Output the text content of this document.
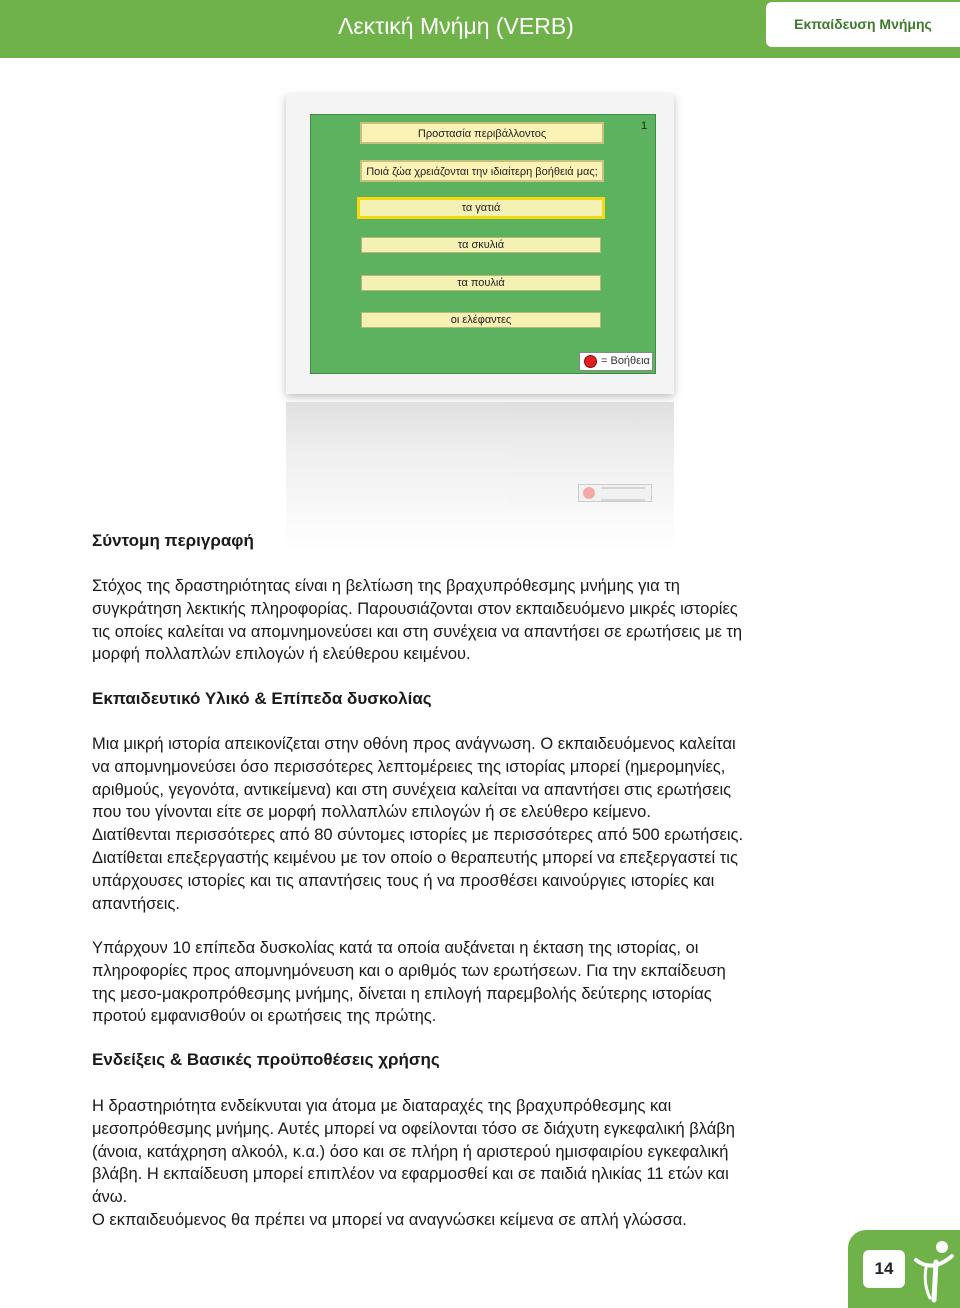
Λεκτική Μνήμη (VERB)	Εκπαίδευση Μνήμης
Προστασία περιβάλλοντος
1
Ποιά ζώα χρειάζονται την ιδιαίτερη βοήθειά μας;
τα γατιά
τα σκυλιά
τα πουλιά
οι ελέφαντες
= Βοήθεια
Σύντομη περιγραφή
Στόχος της δραστηριότητας είναι η βελτίωση της βραχυπρόθεσμης μνήμης για τη
συγκράτηση λεκτικής πληροφορίας. Παρουσιάζονται στον εκπαιδευόμενο μικρές ιστορίες
τις οποίες καλείται να απομνημονεύσει και στη συνέχεια να απαντήσει σε ερωτήσεις με τη
μορφή πολλαπλών επιλογών ή ελεύθερου κειμένου.
Εκπαιδευτικό Υλικό & Επίπεδα δυσκολίας
Μια μικρή ιστορία απεικονίζεται στην οθόνη προς ανάγνωση. Ο εκπαιδευόμενος καλείται
να απομνημονεύσει όσο περισσότερες λεπτομέρειες της ιστορίας μπορεί (ημερομηνίες,
αριθμούς, γεγονότα, αντικείμενα) και στη συνέχεια καλείται να απαντήσει στις ερωτήσεις
που του γίνονται είτε σε μορφή πολλαπλών επιλογών ή σε ελεύθερο κείμενο.
Διατίθενται περισσότερες από 80 σύντομες ιστορίες με περισσότερες από 500 ερωτήσεις.
Διατίθεται επεξεργαστής κειμένου με τον οποίο ο θεραπευτής μπορεί να επεξεργαστεί τις
υπάρχουσες ιστορίες και τις απαντήσεις τους ή να προσθέσει καινούργιες ιστορίες και
απαντήσεις.
Υπάρχουν 10 επίπεδα δυσκολίας κατά τα οποία αυξάνεται η έκταση της ιστορίας, οι
πληροφορίες προς απομνημόνευση και ο αριθμός των ερωτήσεων. Για την εκπαίδευση
της μεσο-μακροπρόθεσμης μνήμης, δίνεται η επιλογή παρεμβολής δεύτερης ιστορίας
προτού εμφανισθούν οι ερωτήσεις της πρώτης.
Ενδείξεις & Βασικές προϋποθέσεις χρήσης
Η δραστηριότητα ενδείκνυται για άτομα με διαταραχές της βραχυπρόθεσμης και
μεσοπρόθεσμης μνήμης. Αυτές μπορεί να οφείλονται τόσο σε διάχυτη εγκεφαλική βλάβη
(άνοια, κατάχρηση αλκοόλ, κ.α.) όσο και σε πλήρη ή αριστερού ημισφαιρίου εγκεφαλική
βλάβη. Η εκπαίδευση μπορεί επιπλέον να εφαρμοσθεί και σε παιδιά ηλικίας 11 ετών και
άνω.
Ο εκπαιδευόμενος θα πρέπει να μπορεί να αναγνώσκει κείμενα σε απλή γλώσσα.
14
